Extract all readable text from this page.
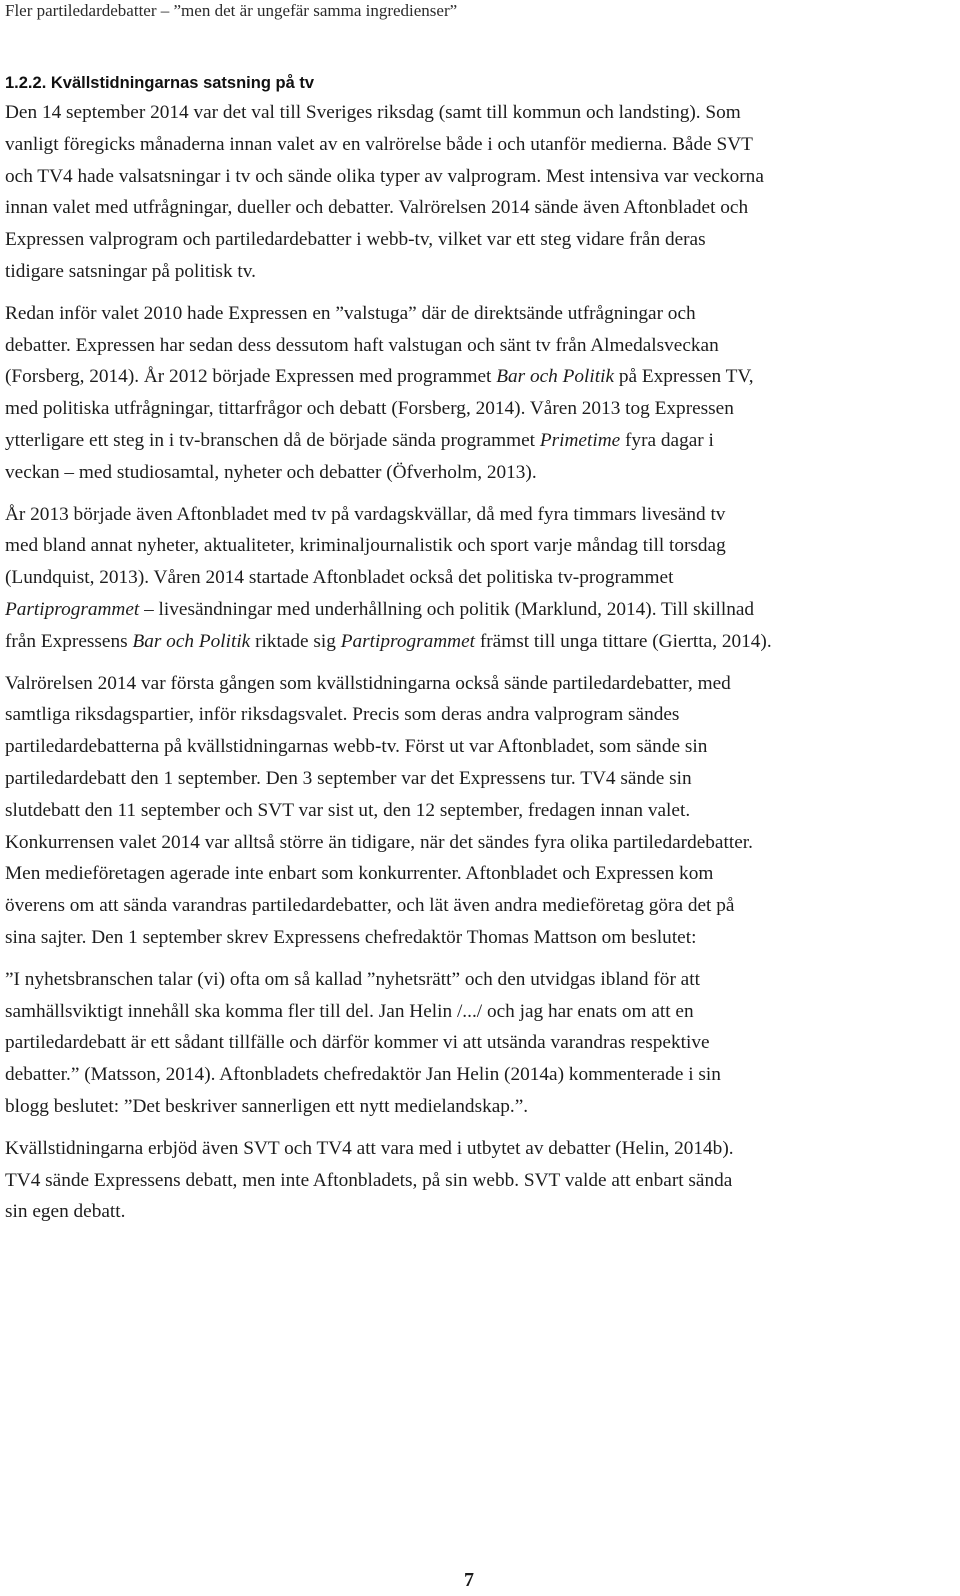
Fler partiledardebatter – ”men det är ungefär samma ingredienser”
1.2.2. Kvällstidningarnas satsning på tv

Den 14 september 2014 var det val till Sveriges riksdag (samt till kommun och landsting). Som
vanligt föregicks månaderna innan valet av en valrörelse både i och utanför medierna. Både SVT
och TV4 hade valsatsningar i tv och sände olika typer av valprogram. Mest intensiva var veckorna
innan valet med utfrågningar, dueller och debatter. Valrörelsen 2014 sände även Aftonbladet och
Expressen valprogram och partiledardebatter i webb-tv, vilket var ett steg vidare från deras
tidigare satsningar på politisk tv.

Redan inför valet 2010 hade Expressen en ”valstuga” där de direktsände utfrågningar och
debatter. Expressen har sedan dess dessutom haft valstugan och sänt tv från Almedalsveckan
(Forsberg, 2014). År 2012 började Expressen med programmet Bar och Politik på Expressen TV,
med politiska utfrågningar, tittarfrågor och debatt (Forsberg, 2014). Våren 2013 tog Expressen
ytterligare ett steg in i tv-branschen då de började sända programmet Primetime fyra dagar i
veckan – med studiosamtal, nyheter och debatter (Öfverholm, 2013).

År 2013 började även Aftonbladet med tv på vardagskvällar, då med fyra timmars livesänd tv
med bland annat nyheter, aktualiteter, kriminaljournalistik och sport varje måndag till torsdag
(Lundquist, 2013). Våren 2014 startade Aftonbladet också det politiska tv-programmet
Partiprogrammet – livesändningar med underhållning och politik (Marklund, 2014). Till skillnad
från Expressens Bar och Politik riktade sig Partiprogrammet främst till unga tittare (Giertta, 2014).

Valrörelsen 2014 var första gången som kvällstidningarna också sände partiledardebatter, med
samtliga riksdagspartier, inför riksdagsvalet. Precis som deras andra valprogram sändes
partiledardebatterna på kvällstidningarnas webb-tv. Först ut var Aftonbladet, som sände sin
partiledardebatt den 1 september. Den 3 september var det Expressens tur. TV4 sände sin
slutdebatt den 11 september och SVT var sist ut, den 12 september, fredagen innan valet.
Konkurrensen valet 2014 var alltså större än tidigare, när det sändes fyra olika partiledardebatter.
Men medieföretagen agerade inte enbart som konkurrenter. Aftonbladet och Expressen kom
överens om att sända varandras partiledardebatter, och lät även andra medieföretag göra det på
sina sajter. Den 1 september skrev Expressens chefredaktör Thomas Mattson om beslutet:

”I nyhetsbranschen talar (vi) ofta om så kallad ”nyhetsrätt” och den utvidgas ibland för att
samhällsviktigt innehåll ska komma fler till del. Jan Helin /.../ och jag har enats om att en
partiledardebatt är ett sådant tillfälle och därför kommer vi att utsända varandras respektive
debatter.” (Matsson, 2014). Aftonbladets chefredaktör Jan Helin (2014a) kommenterade i sin
blogg beslutet: ”Det beskriver sannerligen ett nytt medielandskap.”.

Kvällstidningarna erbjöd även SVT och TV4 att vara med i utbytet av debatter (Helin, 2014b).
TV4 sände Expressens debatt, men inte Aftonbladets, på sin webb. SVT valde att enbart sända
sin egen debatt.

7
